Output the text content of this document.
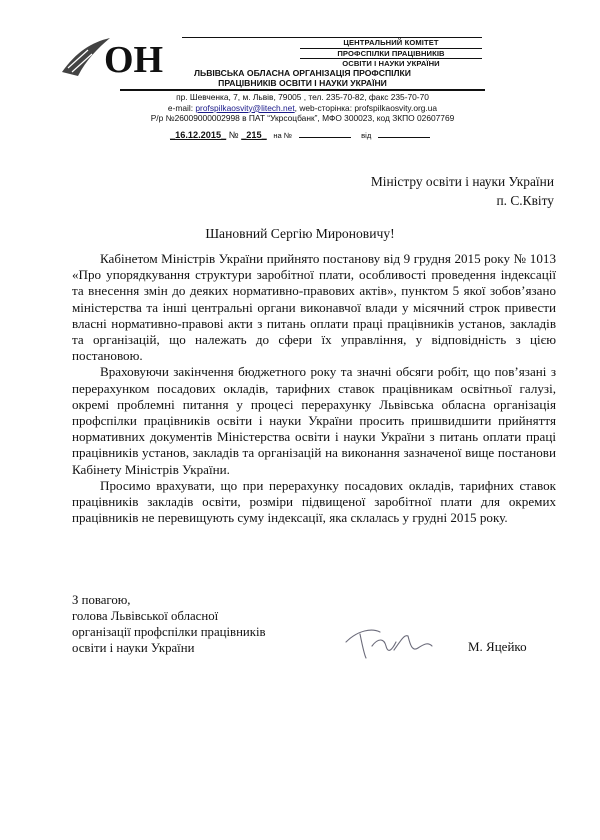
ОН	ЦЕНТРАЛЬНИЙ КОМІТЕТ
ПРОФСПІЛКИ ПРАЦІВНИКІВ
ОСВІТИ І НАУКИ УКРАЇНИ
ЛЬВІВСЬКА ОБЛАСНА ОРГАНІЗАЦІЯ ПРОФСПІЛКИ
ПРАЦІВНИКІВ ОСВІТИ І НАУКИ УКРАЇНИ
пр. Шевченка, 7, м. Львів, 79005 , тел. 235-70-82, факс 235-70-70
e-mail: profspilkaosvity@litech.net, web-сторінка: profspilkaosvity.org.ua
Р/р №26009000002998 в ПАТ “Укрсоцбанк”, МФО 300023, код ЗКПО 02607769
_16.12.2015_ № _215_ на №	від
Міністру освіти і науки України
п. С.Квіту
Шановний Сергію Мироновичу!

Кабінетом Міністрів України прийнято постанову від 9 грудня 2015 року № 1013 «Про упорядкування структури заробітної плати, особливості проведення індексації та внесення змін до деяких нормативно-правових актів», пунктом 5 якої зобов’язано міністерства та інші центральні органи виконавчої влади у місячний строк привести власні нормативно-правові акти з питань оплати праці працівників установ, закладів та організацій, що належать до сфери їх управління, у відповідність з цією постановою.

Враховуючи закінчення бюджетного року та значні обсяги робіт, що пов’язані з перерахунком посадових окладів, тарифних ставок працівникам освітньої галузі, окремі проблемні питання у процесі перерахунку Львівська обласна організація профспілки працівників освіти і науки України просить пришвидшити прийняття нормативних документів Міністерства освіти і науки України з питань оплати праці працівників установ, закладів та організацій на виконання зазначеної вище постанови Кабінету Міністрів України.

Просимо врахувати, що при перерахунку посадових окладів, тарифних ставок працівників закладів освіти, розміри підвищеної заробітної плати для окремих працівників не перевищують суму індексації, яка склалась у грудні 2015 року.

З повагою,
голова Львівської обласної
організації профспілки працівників
освіти і науки України	М. Яцейко
